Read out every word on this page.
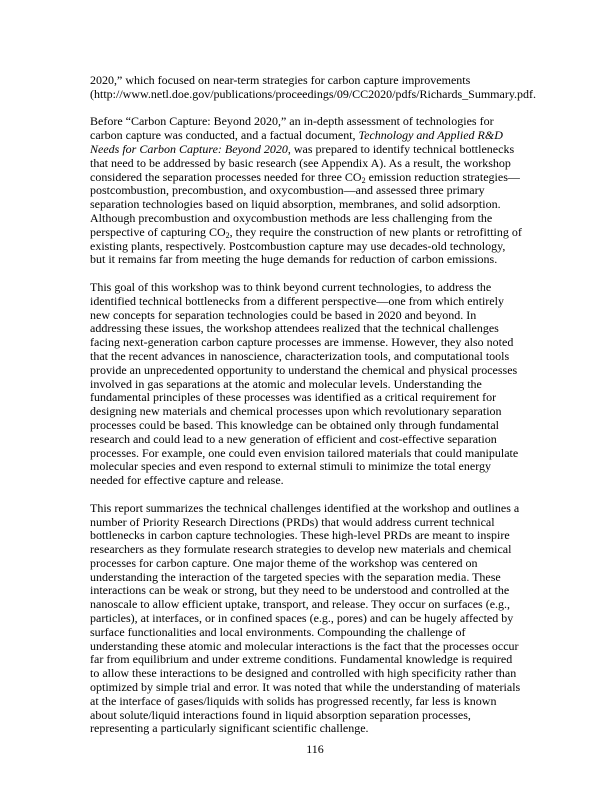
2020,” which focused on near-term strategies for carbon capture improvements (http://www.netl.doe.gov/publications/proceedings/09/CC2020/pdfs/Richards_Summary.pdf.

Before “Carbon Capture: Beyond 2020,” an in-depth assessment of technologies for carbon capture was conducted, and a factual document, Technology and Applied R&D Needs for Carbon Capture: Beyond 2020, was prepared to identify technical bottlenecks that need to be addressed by basic research (see Appendix A). As a result, the workshop considered the separation processes needed for three $CO_2$ emission reduction strategies—postcombustion, precombustion, and oxycombustion—and assessed three primary separation technologies based on liquid absorption, membranes, and solid adsorption. Although precombustion and oxycombustion methods are less challenging from the perspective of capturing $CO_2$, they require the construction of new plants or retrofitting of existing plants, respectively. Postcombustion capture may use decades-old technology, but it remains far from meeting the huge demands for reduction of carbon emissions.

This goal of this workshop was to think beyond current technologies, to address the identified technical bottlenecks from a different perspective—one from which entirely new concepts for separation technologies could be based in 2020 and beyond. In addressing these issues, the workshop attendees realized that the technical challenges facing next-generation carbon capture processes are immense. However, they also noted that the recent advances in nanoscience, characterization tools, and computational tools provide an unprecedented opportunity to understand the chemical and physical processes involved in gas separations at the atomic and molecular levels. Understanding the fundamental principles of these processes was identified as a critical requirement for designing new materials and chemical processes upon which revolutionary separation processes could be based. This knowledge can be obtained only through fundamental research and could lead to a new generation of efficient and cost-effective separation processes. For example, one could even envision tailored materials that could manipulate molecular species and even respond to external stimuli to minimize the total energy needed for effective capture and release.

This report summarizes the technical challenges identified at the workshop and outlines a number of Priority Research Directions (PRDs) that would address current technical bottlenecks in carbon capture technologies. These high-level PRDs are meant to inspire researchers as they formulate research strategies to develop new materials and chemical processes for carbon capture. One major theme of the workshop was centered on understanding the interaction of the targeted species with the separation media. These interactions can be weak or strong, but they need to be understood and controlled at the nanoscale to allow efficient uptake, transport, and release. They occur on surfaces (e.g., particles), at interfaces, or in confined spaces (e.g., pores) and can be hugely affected by surface functionalities and local environments. Compounding the challenge of understanding these atomic and molecular interactions is the fact that the processes occur far from equilibrium and under extreme conditions. Fundamental knowledge is required to allow these interactions to be designed and controlled with high specificity rather than optimized by simple trial and error. It was noted that while the understanding of materials at the interface of gases/liquids with solids has progressed recently, far less is known about solute/liquid interactions found in liquid absorption separation processes, representing a particularly significant scientific challenge.

116
